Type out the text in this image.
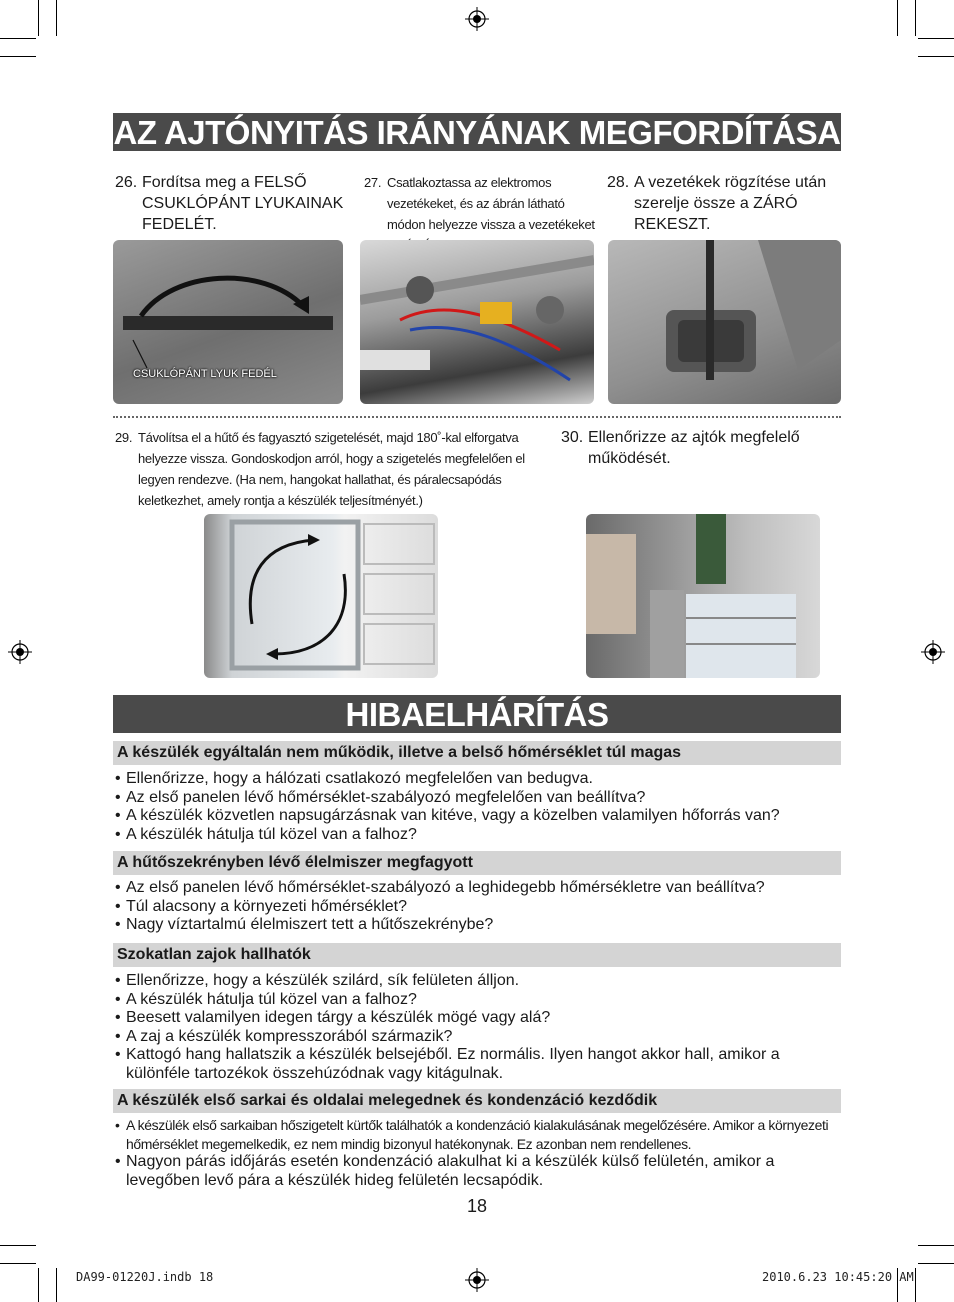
AZ AJTÓNYITÁS IRÁNYÁNAK MEGFORDÍTÁSA
26. Fordítsa meg a FELSŐ CSUKLÓPÁNT LYUKAINAK FEDELÉT.
27. Csatlakoztassa az elektromos vezetékeket, és az ábrán látható módon helyezze vissza a vezetékeket
28. A vezetékek rögzítése után szerelje össze a ZÁRÓ REKESZT.
CSUKLÓPÁNT LYUK FEDÉL
29. Távolítsa el a hűtő és fagyasztó szigetelését, majd 180˚-kal elforgatva helyezze vissza. Gondoskodjon arról, hogy a szigetelés megfelelően el legyen rendezve. (Ha nem, hangokat hallathat, és páralecsapódás keletkezhet, amely rontja a készülék teljesítményét.)
30. Ellenőrizze az ajtók megfelelő működését.
HIBAELHÁRÍTÁS
A készülék egyáltalán nem működik, illetve a belső hőmérséklet túl magas
• Ellenőrizze, hogy a hálózati csatlakozó megfelelően van bedugva.
• Az első panelen lévő hőmérséklet-szabályozó megfelelően van beállítva?
• A készülék közvetlen napsugárzásnak van kitéve, vagy a közelben valamilyen hőforrás van?
• A készülék hátulja túl közel van a falhoz?
A hűtőszekrényben lévő élelmiszer megfagyott
• Az első panelen lévő hőmérséklet-szabályozó a leghidegebb hőmérsékletre van beállítva?
• Túl alacsony a környezeti hőmérséklet?
• Nagy víztartalmú élelmiszert tett a hűtőszekrénybe?
Szokatlan zajok hallhatók
• Ellenőrizze, hogy a készülék szilárd, sík felületen álljon.
• A készülék hátulja túl közel van a falhoz?
• Beesett valamilyen idegen tárgy a készülék mögé vagy alá?
• A zaj a készülék kompresszorából származik?
• Kattogó hang hallatszik a készülék belsejéből. Ez normális. Ilyen hangot akkor hall, amikor a különféle tartozékok összehúzódnak vagy kitágulnak.
A készülék első sarkai és oldalai melegednek és kondenzáció kezdődik
• A készülék első sarkaiban hőszigetelt kürtők találhatók a kondenzáció kialakulásának megelőzésére. Amikor a környezeti hőmérséklet megemelkedik, ez nem mindig bizonyul hatékonynak. Ez azonban nem rendellenes.
• Nagyon párás időjárás esetén kondenzáció alakulhat ki a készülék külső felületén, amikor a levegőben levő pára a készülék hideg felületén lecsapódik.
18
DA99-01220J.indb 18	2010.6.23 10:45:20 AM
